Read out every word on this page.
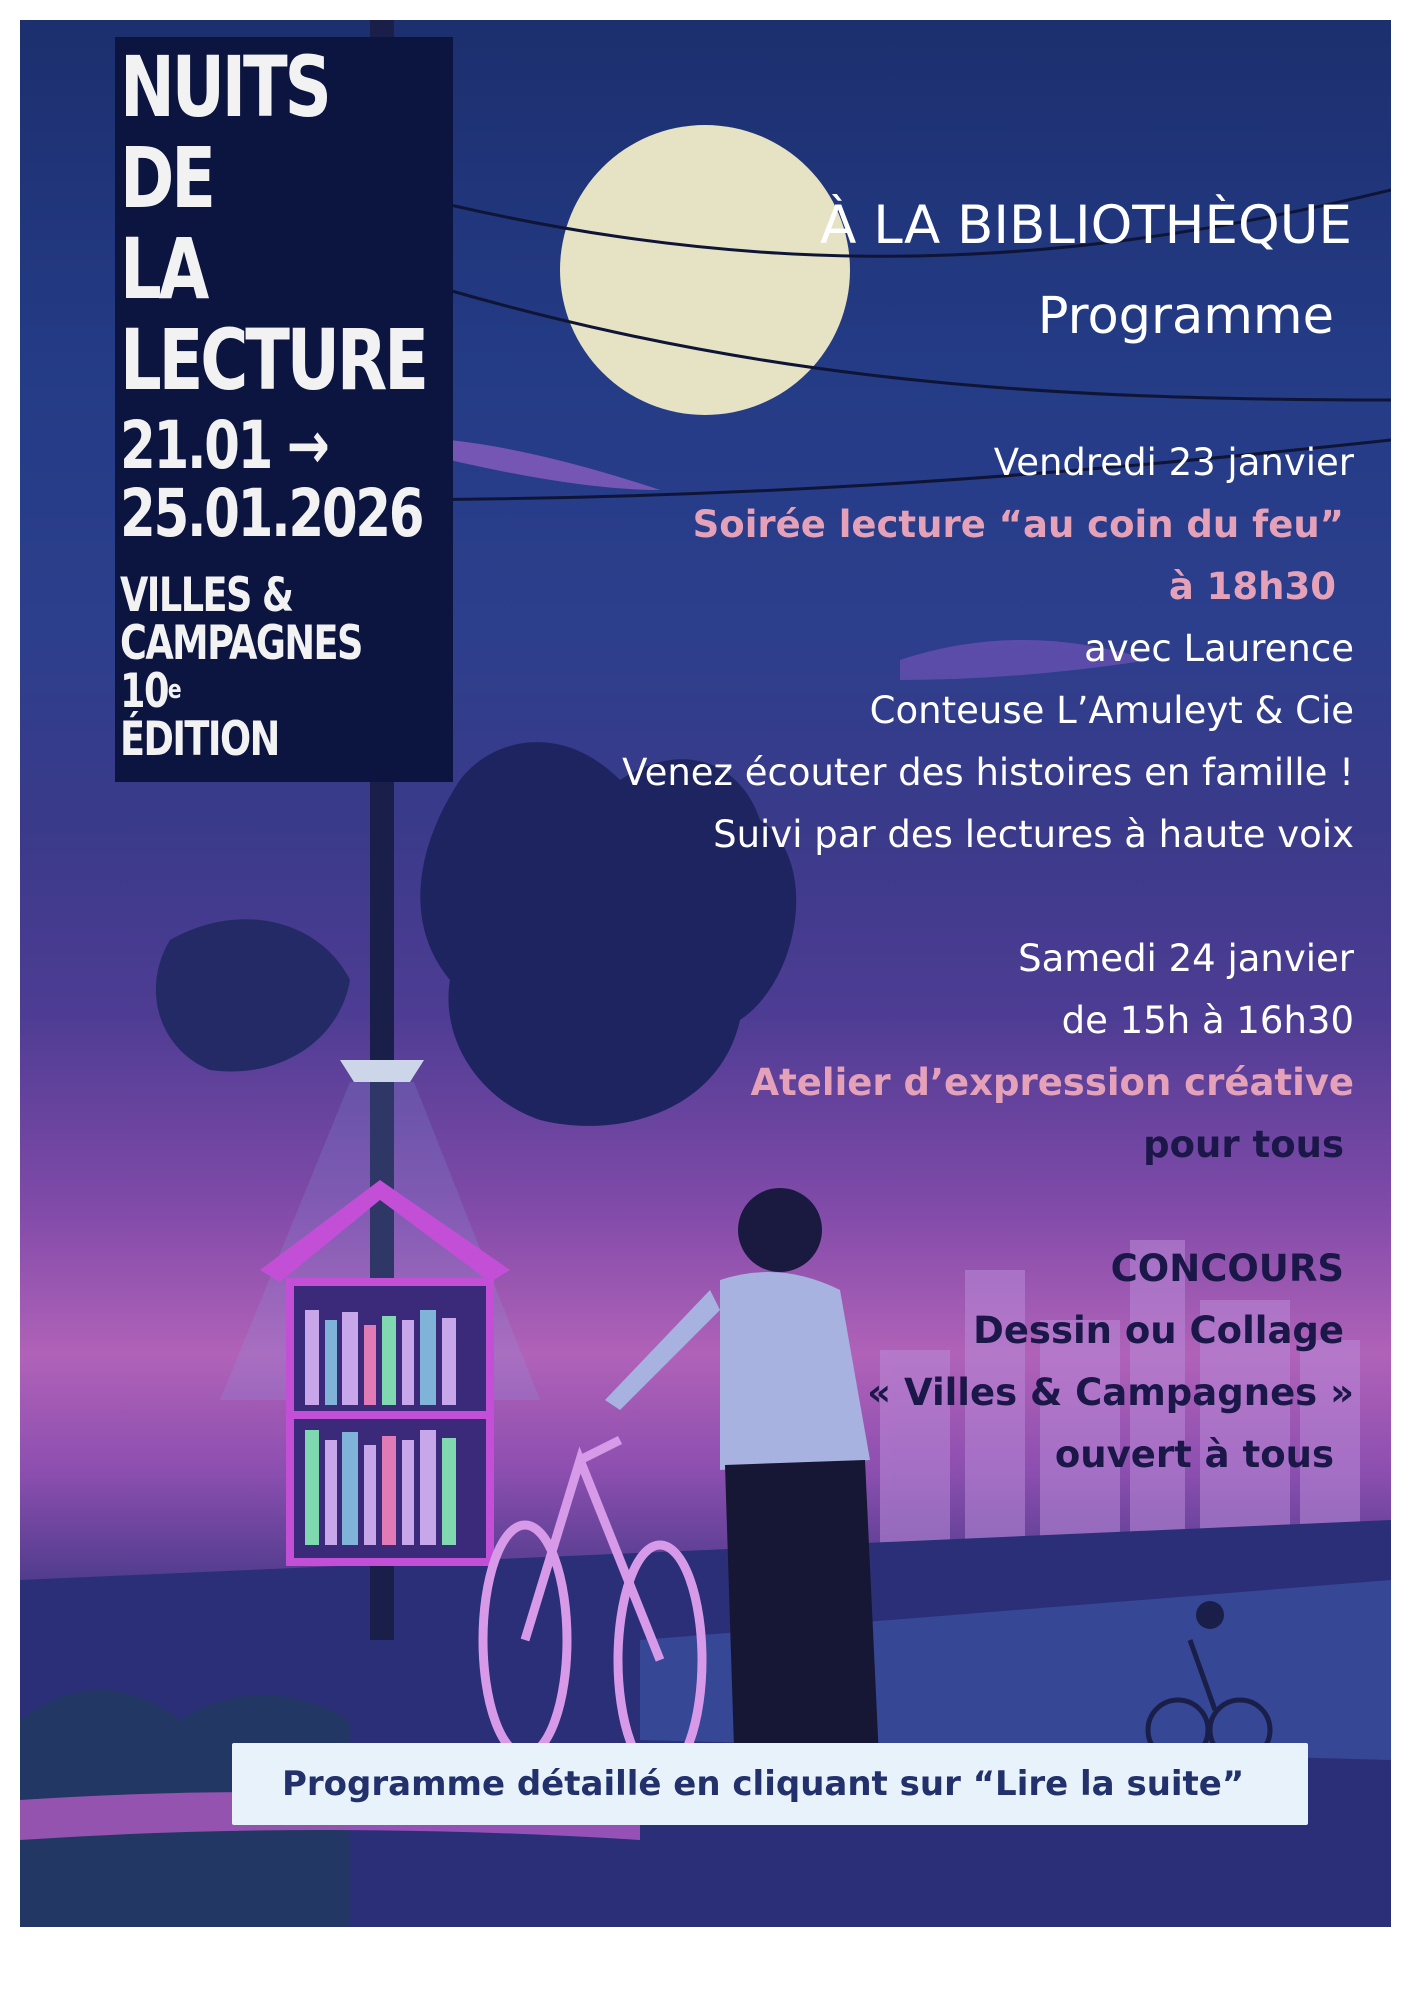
NUITS
DE
LA
LECTURE
21.01 →
25.01.2026
VILLES &
CAMPAGNES
10e
ÉDITION
À LA BIBLIOTHÈQUE
Programme
Vendredi 23 janvier
Soirée lecture “au coin du feu”
à 18h30
avec Laurence
Conteuse L’Amuleyt & Cie
Venez écouter des histoires en famille !
Suivi par des lectures à haute voix
Samedi 24 janvier
de 15h à 16h30
Atelier d’expression créative
pour tous
CONCOURS
Dessin ou Collage
« Villes & Campagnes »
ouvert à tous
Programme détaillé en cliquant sur “Lire la suite”
